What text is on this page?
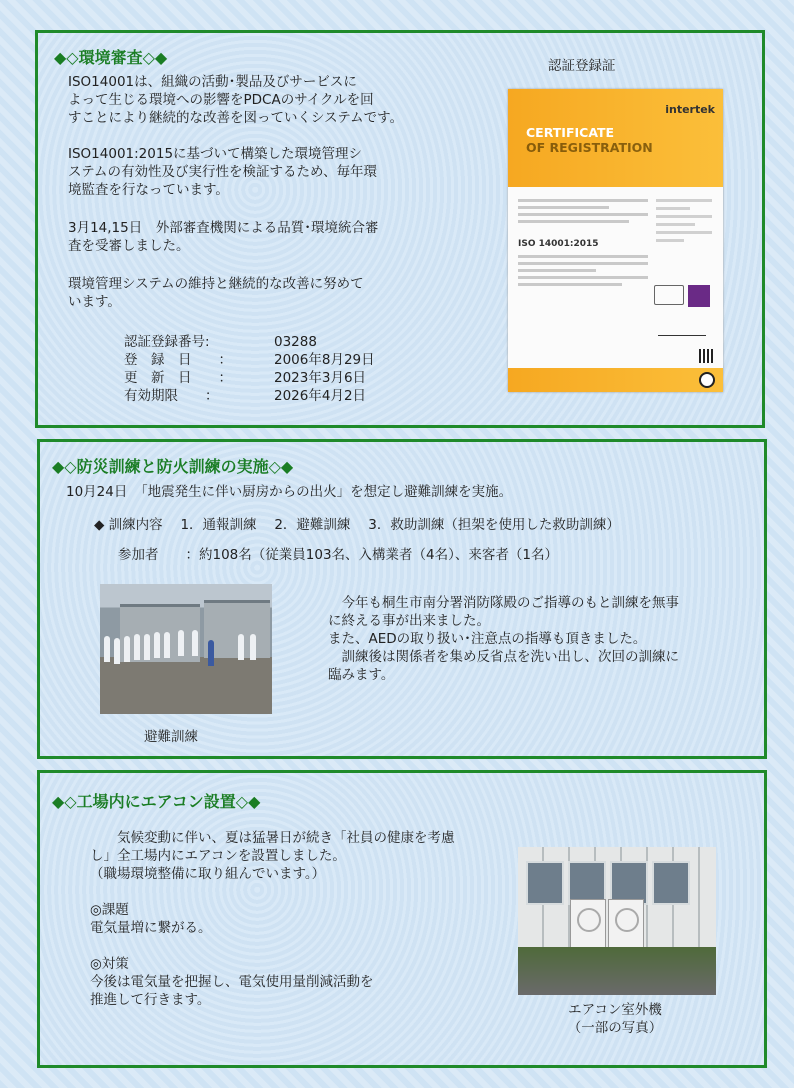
◆◇環境審査◇◆
ISO14001は、組織の活動･製品及びサービスに
よって生じる環境への影響をPDCAのサイクルを回
すことにより継続的な改善を図っていくシステムです。
ISO14001:2015に基づいて構築した環境管理シ
ステムの有効性及び実行性を検証するため、毎年環
境監査を行なっています。
3月14,15日　外部審査機関による品質･環境統合審
査を受審しました。
環境管理システムの維持と継続的な改善に努めて
います。
認証登録番号:
登　録　日　　：
更　新　日　　：
有効期限　　：
03288
2006年8月29日
2023年3月6日
2026年4月2日
認証登録証
intertek
CERTIFICATE
OF REGISTRATION
ISO 14001:2015
◆◇防災訓練と防火訓練の実施◇◆
10月24日　「地震発生に伴い厨房からの出火」を想定し避難訓練を実施。
◆ 訓練内容　 1．通報訓練　 2．避難訓練　 3．救助訓練（担架を使用した救助訓練）
参加者　　：約108名（従業員103名、入構業者（4名）、来客者（1名）
避難訓練
　今年も桐生市南分署消防隊殿のご指導のもと訓練を無事
に終える事が出来ました。
また、AEDの取り扱い･注意点の指導も頂きました。
　訓練後は関係者を集め反省点を洗い出し、次回の訓練に
臨みます。
◆◇工場内にエアコン設置◇◆
　　気候変動に伴い、夏は猛暑日が続き「社員の健康を考慮
し」全工場内にエアコンを設置しました。
（職場環境整備に取り組んでいます。）

◎課題
電気量増に繋がる。

◎対策
今後は電気量を把握し、電気使用量削減活動を
推進して行きます。
エアコン室外機
（一部の写真）
